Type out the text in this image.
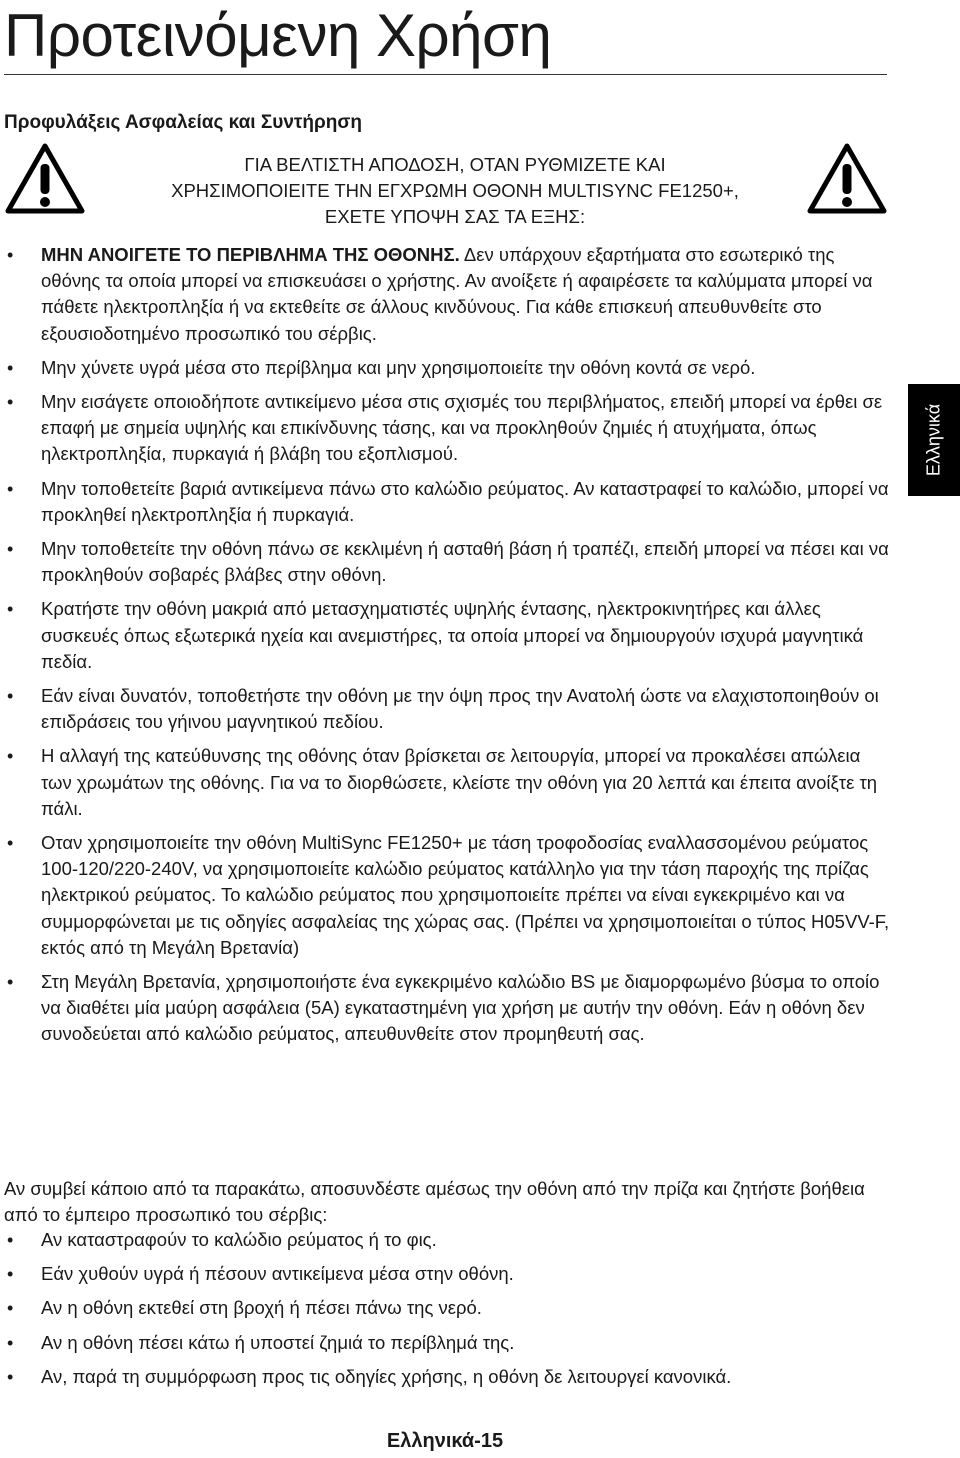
Προτεινόμενη Χρήση
Προφυλάξεις Ασφαλείας και Συντήρηση
ΓΙΑ ΒΕΛΤΙΣΤΗ ΑΠΟΔΟΣΗ, ΟΤΑΝ ΡΥΘΜΙΖΕΤΕ ΚΑΙ
ΧΡΗΣΙΜΟΠΟΙΕΙΤΕ ΤΗΝ ΕΓΧΡΩΜΗ ΟΘΟΝΗ MULTISYNC FE1250+,
ΕΧΕΤΕ ΥΠΟΨΗ ΣΑΣ ΤΑ ΕΞΗΣ:
Ελληνικά
• ΜΗΝ ΑΝΟΙΓΕΤΕ ΤΟ ΠΕΡΙΒΛΗΜΑ ΤΗΣ ΟΘΟΝΗΣ. Δεν υπάρχουν εξαρτήματα στο εσωτερικό της οθόνης τα οποία μπορεί να επισκευάσει ο χρήστης. Αν ανοίξετε ή αφαιρέσετε τα καλύμματα μπορεί να πάθετε ηλεκτροπληξία ή να εκτεθείτε σε άλλους κινδύνους. Για κάθε επισκευή απευθυνθείτε στο εξουσιοδοτημένο προσωπικό του σέρβις.
• Μην χύνετε υγρά μέσα στο περίβλημα και μην χρησιμοποιείτε την οθόνη κοντά σε νερό.
• Μην εισάγετε οποιοδήποτε αντικείμενο μέσα στις σχισμές του περιβλήματος, επειδή μπορεί να έρθει σε επαφή με σημεία υψηλής και επικίνδυνης τάσης, και να προκληθούν ζημιές ή ατυχήματα, όπως ηλεκτροπληξία, πυρκαγιά ή βλάβη του εξοπλισμού.
• Μην τοποθετείτε βαριά αντικείμενα πάνω στο καλώδιο ρεύματος. Αν καταστραφεί το καλώδιο, μπορεί να προκληθεί ηλεκτροπληξία ή πυρκαγιά.
• Μην τοποθετείτε την οθόνη πάνω σε κεκλιμένη ή ασταθή βάση ή τραπέζι, επειδή μπορεί να πέσει και να προκληθούν σοβαρές βλάβες στην οθόνη.
• Κρατήστε την οθόνη μακριά από μετασχηματιστές υψηλής έντασης, ηλεκτροκινητήρες και άλλες συσκευές όπως εξωτερικά ηχεία και ανεμιστήρες, τα οποία μπορεί να δημιουργούν ισχυρά μαγνητικά πεδία.
• Εάν είναι δυνατόν, τοποθετήστε την οθόνη με την όψη προς την Ανατολή ώστε να ελαχιστοποιηθούν οι επιδράσεις του γήινου μαγνητικού πεδίου.
• Η αλλαγή της κατεύθυνσης της οθόνης όταν βρίσκεται σε λειτουργία, μπορεί να προκαλέσει απώλεια των χρωμάτων της οθόνης. Για να το διορθώσετε, κλείστε την οθόνη για 20 λεπτά και έπειτα ανοίξτε τη πάλι.
• Οταν χρησιμοποιείτε την οθόνη MultiSync FE1250+ με τάση τροφοδοσίας εναλλασσομένου ρεύματος 100-120/220-240V, να χρησιμοποιείτε καλώδιο ρεύματος κατάλληλο για την τάση παροχής της πρίζας ηλεκτρικού ρεύματος. Το καλώδιο ρεύματος που χρησιμοποιείτε πρέπει να είναι εγκεκριμένο και να συμμορφώνεται με τις οδηγίες ασφαλείας της χώρας σας. (Πρέπει να χρησιμοποιείται ο τύπος H05VV-F, εκτός από τη Μεγάλη Βρετανία)
• Στη Μεγάλη Βρετανία, χρησιμοποιήστε ένα εγκεκριμένο καλώδιο BS με διαμορφωμένο βύσμα το οποίο να διαθέτει μία μαύρη ασφάλεια (5A) εγκαταστημένη για χρήση με αυτήν την οθόνη. Εάν η οθόνη δεν συνοδεύεται από καλώδιο ρεύματος, απευθυνθείτε στον προμηθευτή σας.

Αν συμβεί κάποιο από τα παρακάτω, αποσυνδέστε αμέσως την οθόνη από την πρίζα και ζητήστε βοήθεια από το έμπειρο προσωπικό του σέρβις:

• Αν καταστραφούν το καλώδιο ρεύματος ή το φις.
• Εάν χυθούν υγρά ή πέσουν αντικείμενα μέσα στην οθόνη.
• Αν η οθόνη εκτεθεί στη βροχή ή πέσει πάνω της νερό.
• Αν η οθόνη πέσει κάτω ή υποστεί ζημιά το περίβλημά της.
• Αν, παρά τη συμμόρφωση προς τις οδηγίες χρήσης, η οθόνη δε λειτουργεί κανονικά.
Ελληνικά-15
